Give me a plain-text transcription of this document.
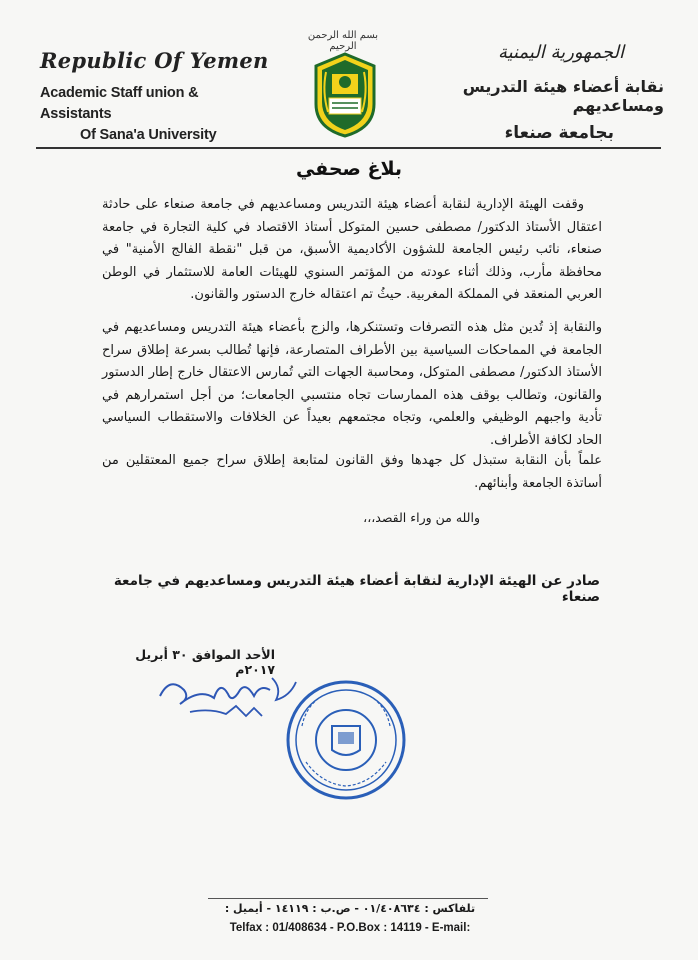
Republic Of Yemen
Academic Staff union & Assistants
Of Sana'a University
بسم الله الرحمن الرحيم	الجمهورية اليمنية
نقابة أعضاء هيئة التدريس ومساعديهم
بجامعة صنعاء
بلاغ صحفي
وقفت الهيئة الإدارية لنقابة أعضاء هيئة التدريس ومساعديهم في جامعة صنعاء على حادثة اعتقال الأستاذ الدكتور/ مصطفى حسين المتوكل أستاذ الاقتصاد في كلية التجارة في جامعة صنعاء، نائب رئيس الجامعة للشؤون الأكاديمية الأسبق، من قبل "نقطة الفالج الأمنية" في محافظة مأرب، وذلك أثناء عودته من المؤتمر السنوي للهيئات العامة للاستثمار في الوطن العربي المنعقد في المملكة المغربية. حيثُ تم اعتقاله خارج الدستور والقانون.
والنقابة إذ تُدين مثل هذه التصرفات وتستنكرها، والزج بأعضاء هيئة التدريس ومساعديهم في الجامعة في المماحكات السياسية بين الأطراف المتصارعة، فإنها تُطالب بسرعة إطلاق سراح الأستاذ الدكتور/ مصطفى المتوكل، ومحاسبة الجهات التي تُمارس الاعتقال خارج إطار الدستور والقانون، وتطالب بوقف هذه الممارسات تجاه منتسبي الجامعات؛ من أجل استمرارهم في تأدية واجبهم الوظيفي والعلمي، وتجاه مجتمعهم بعيداً عن الخلافات والاستقطاب السياسي الحاد لكافة الأطراف.
علماً بأن النقابة ستبذل كل جهدها وفق القانون لمتابعة إطلاق سراح جميع المعتقلين من أساتذة الجامعة وأبنائهم.
والله من وراء القصد،،،
صادر عن الهيئة الإدارية لنقابة أعضاء هيئة التدريس ومساعديهم في جامعة صنعاء
الأحد الموافق ٣٠ أبريل ٢٠١٧م
تلفاكس : ٠١/٤٠٨٦٣٤ - ص.ب : ١٤١١٩ - أيميل :
Telfax : 01/408634 - P.O.Box : 14119 - E-mail:
